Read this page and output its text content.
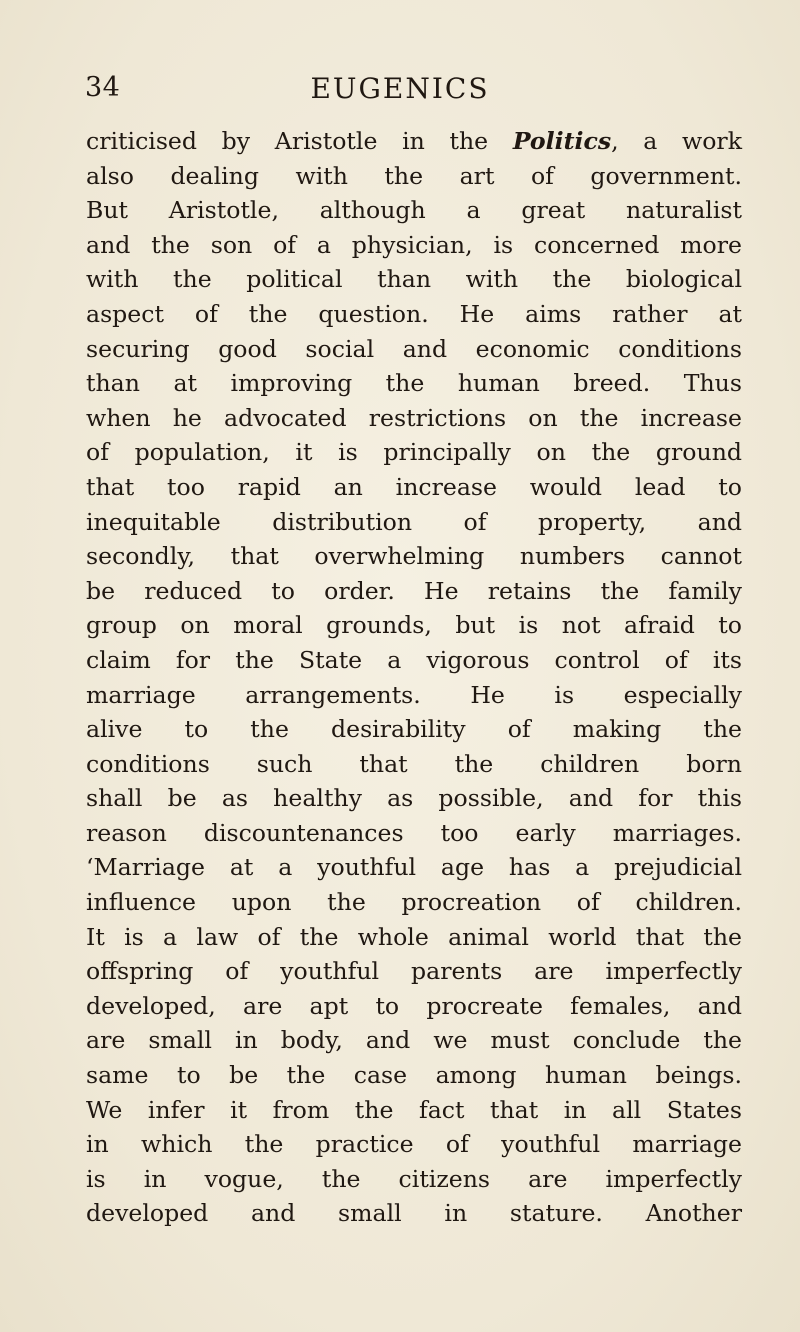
34	EUGENICS
criticised by Aristotle in the Politics, a work
also dealing with the art of government.
But Aristotle, although a great naturalist
and the son of a physician, is concerned more
with the political than with the biological
aspect of the question. He aims rather at
securing good social and economic conditions
than at improving the human breed. Thus
when he advocated restrictions on the increase
of population, it is principally on the ground
that too rapid an increase would lead to
inequitable distribution of property, and
secondly, that overwhelming numbers cannot
be reduced to order. He retains the family
group on moral grounds, but is not afraid to
claim for the State a vigorous control of its
marriage arrangements. He is especially
alive to the desirability of making the
conditions such that the children born
shall be as healthy as possible, and for this
reason discountenances too early marriages.
‘Marriage at a youthful age has a prejudicial
influence upon the procreation of children.
It is a law of the whole animal world that the
offspring of youthful parents are imperfectly
developed, are apt to procreate females, and
are small in body, and we must conclude the
same to be the case among human beings.
We infer it from the fact that in all States
in which the practice of youthful marriage
is in vogue, the citizens are imperfectly
developed and small in stature. Another
